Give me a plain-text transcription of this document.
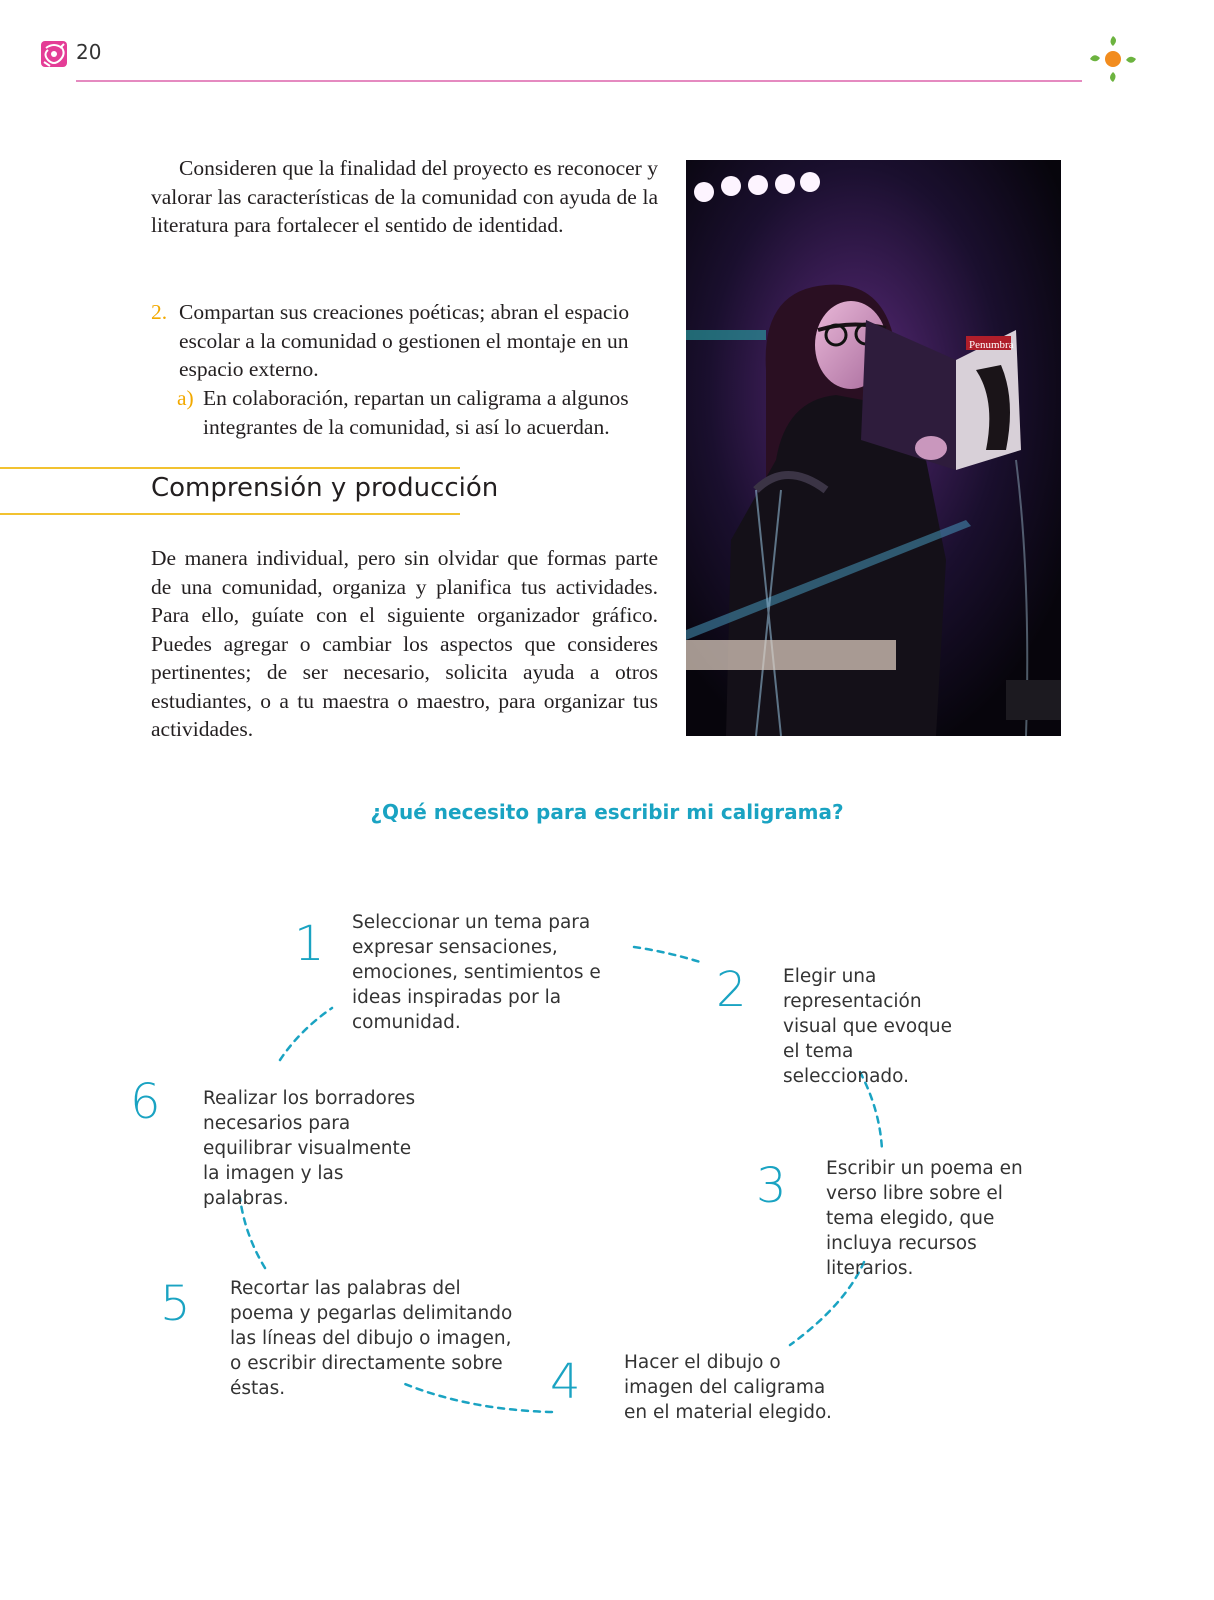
20

Consideren que la finalidad del proyecto es reconocer y valorar las características de la comunidad con ayuda de la literatura para fortalecer el sentido de identidad.

2. Compartan sus creaciones poéticas; abran el espacio escolar a la comunidad o gestionen el montaje en un espacio externo.
a) En colaboración, repartan un caligrama a algunos integrantes de la comunidad, si así lo acuerdan.
Comprensión y producción

De manera individual, pero sin olvidar que formas parte de una comunidad, organiza y planifica tus actividades. Para ello, guíate con el siguiente organizador gráfico. Puedes agregar o cambiar los aspectos que consideres pertinentes; de ser necesario, solicita ayuda a otros estudiantes, o a tu maestra o maestro, para organizar tus actividades.

Penumbra
¿Qué necesito para escribir mi caligrama?
1 Seleccionar un tema para expresar sensaciones, emociones, sentimientos e ideas inspiradas por la comunidad.
2 Elegir una representación visual que evoque el tema seleccionado.
3 Escribir un poema en verso libre sobre el tema elegido, que incluya recursos literarios.
4 Hacer el dibujo o imagen del caligrama en el material elegido.
5 Recortar las palabras del poema y pegarlas delimitando las líneas del dibujo o imagen, o escribir directamente sobre éstas.
6 Realizar los borradores necesarios para equilibrar visualmente la imagen y las palabras.
